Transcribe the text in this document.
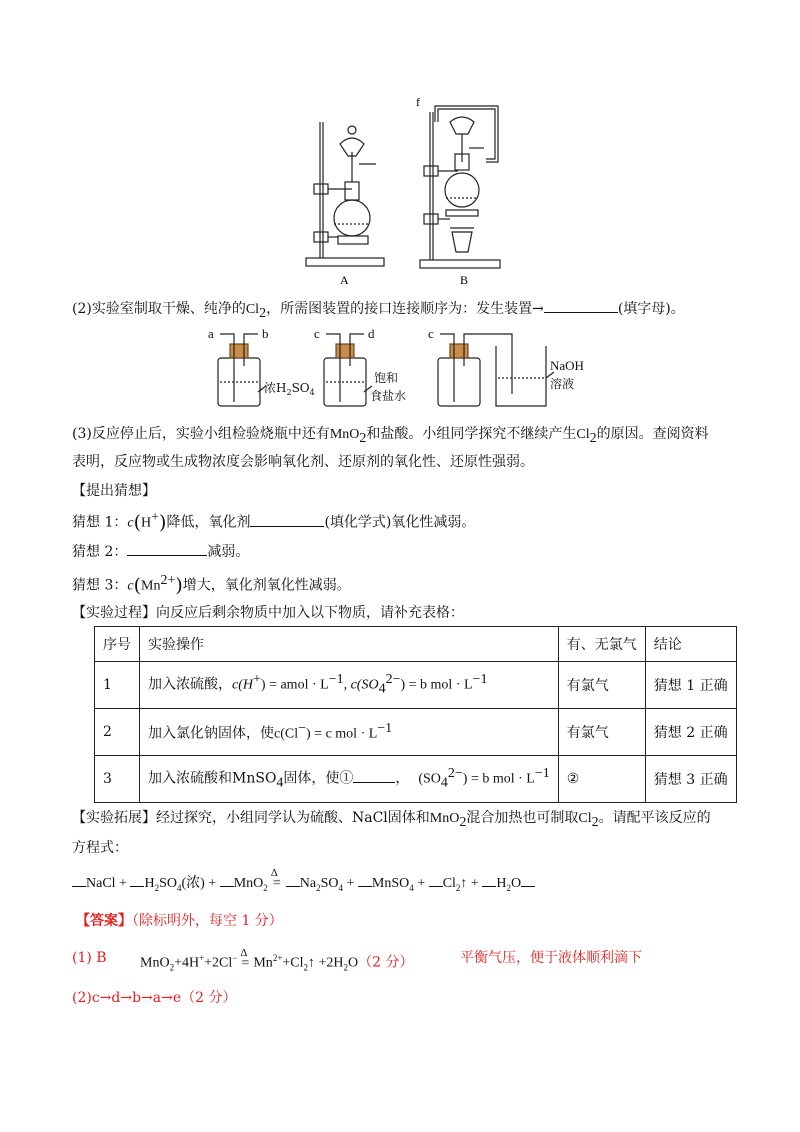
A	B
f
(2)实验室制取干燥、纯净的$Cl_2$，所需图装置的接口连接顺序为：发生装置→	(填字母)。
a	b	c	d	c
NaOH
浓$H_2SO_4$
饱和
食盐水
溶液
(3)反应停止后，实验小组检验烧瓶中还有MnO$_2$和盐酸。小组同学探究不继续产生$Cl_2$的原因。查阅资料
表明，反应物或生成物浓度会影响氧化剂、还原剂的氧化性、还原性强弱。
【提出猜想】
猜想 1：c(H+)降低，氧化剂	(填化学式)氧化性减弱。
猜想 2：	减弱。
猜想 3：$c(Mn^{2+})$增大，氧化剂氧化性减弱。
【实验过程】向反应后剩余物质中加入以下物质，请补充表格：
序号	实验操作	有、无氯气	结论
1	加入浓硫酸，c(H+) = amol · $L^{-1}$, $c(SO_4^{2-}) = b$ mol · $L^{-1}$	有氯气	猜想 1 正确
2	加入氯化钠固体，使c(Cl−) = c mol · $L^{-1}$	有氯气	猜想 2 正确
3	加入浓硫酸和MnSO$_4$固体，使① ， $(SO_4^{2-}) = b$ mol · $L^{-1}$	②	猜想 3 正确
【实验拓展】经过探究，小组同学认为硫酸、NaCl固体和MnO$_2$混合加热也可制取$Cl_2$。请配平该反应的
方程式：
NaCl + $H_2SO_4$(浓) + MnO$_2$
Δ
= $Na_2SO_4$ + MnSO$_4$ + $Cl_2↑ + H_2O$
【答案】（除标明外，每空 1 分）
(1) B MnO$_2$+4H++2Cl− Δ
= $Mn^{2+}+Cl_2↑ +2H_2O(2$ 分）	平衡气压，便于液体顺利滴下
(2)c→d→b→a→e（2 分）
